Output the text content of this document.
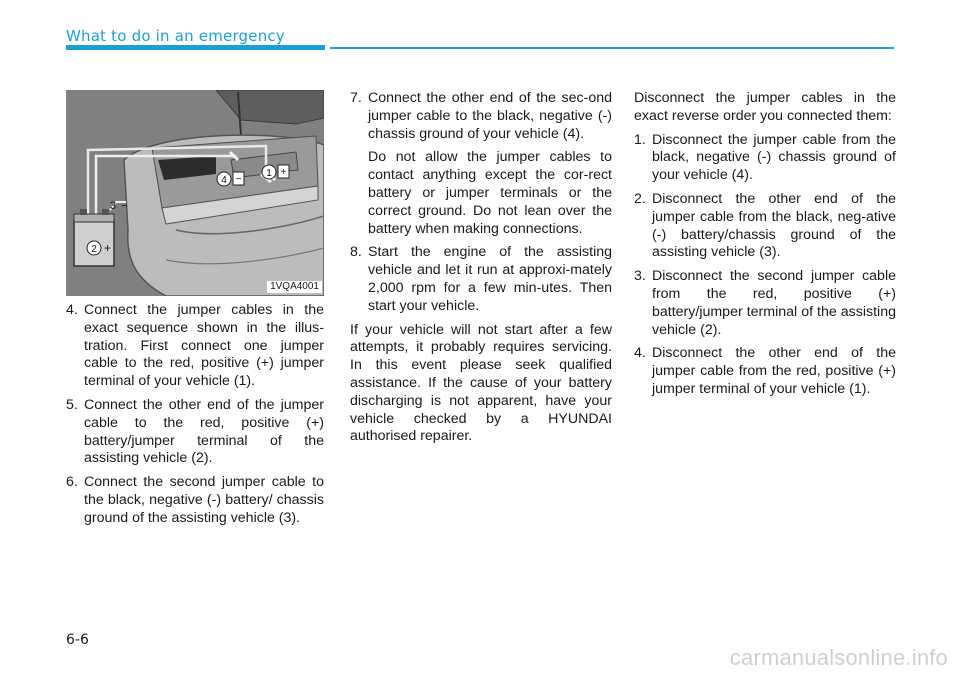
What to do in an emergency
1 +
4 −
3 −
2 +
1VQA4001
4. Connect the jumper cables in the exact sequence shown in the illus-tration. First connect one jumper cable to the red, positive (+) jumper terminal of your vehicle (1).
5. Connect the other end of the jumper cable to the red, positive (+) battery/jumper terminal of the assisting vehicle (2).
6. Connect the second jumper cable to the black, negative (-) battery/ chassis ground of the assisting vehicle (3).
7. Connect the other end of the sec-ond jumper cable to the black, negative (-) chassis ground of your vehicle (4).

Do not allow the jumper cables to contact anything except the cor-rect battery or jumper terminals or the correct ground. Do not lean over the battery when making connections.

8. Start the engine of the assisting vehicle and let it run at approxi-mately 2,000 rpm for a few min-utes. Then start your vehicle.

If your vehicle will not start after a few attempts, it probably requires servicing. In this event please seek qualified assistance. If the cause of your battery discharging is not apparent, have your vehicle checked by a HYUNDAI authorised repairer.

Disconnect the jumper cables in the exact reverse order you connected them:

1. Disconnect the jumper cable from the black, negative (-) chassis ground of your vehicle (4).
2. Disconnect the other end of the jumper cable from the black, neg-ative (-) battery/chassis ground of the assisting vehicle (3).
3. Disconnect the second jumper cable from the red, positive (+) battery/jumper terminal of the assisting vehicle (2).
4. Disconnect the other end of the jumper cable from the red, positive (+) jumper terminal of your vehicle (1).
6-6
carmanualsonline.info
